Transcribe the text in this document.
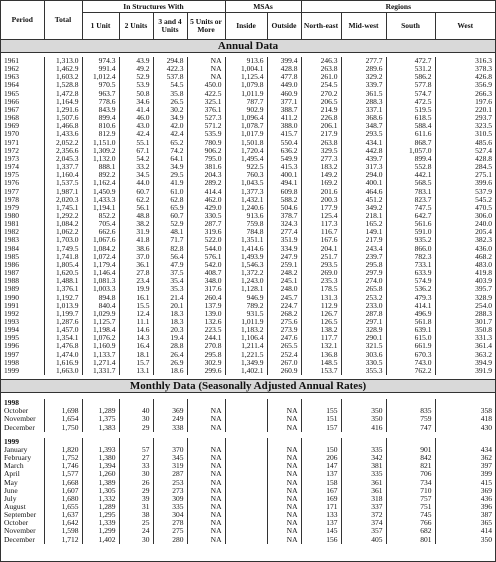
Period	Total	In Structures With				MSAs		Regions			
		1 Unit	2 Units	3 and 4 Units	5 Units or More	Inside	Outside	North-east	Mid-west	South	West
Annual Data											

1961	1,313.0	974.3	43.9	294.8	NA	913.6	399.4	246.3	277.7	472.7	316.3
1962	1,462.9	991.4	49.2	422.3	NA	1,004.1	428.8	263.8	289.6	531.2	378.3
1963	1,603.2	1,012.4	52.9	537.8	NA	1,125.4	477.8	261.0	329.2	586.2	426.8
1964	1,528.8	970.5	53.9	54.5	450.0	1,079.8	449.0	254.5	339.7	577.8	356.9
1965	1,472.8	963.7	50.8	35.8	422.5	1,011.9	460.9	270.2	361.5	574.7	266.3
1966	1,164.9	778.6	34.6	26.5	325.1	787.7	377.1	206.5	288.3	472.5	197.6
1967	1,291.6	843.9	41.4	30.2	376.1	902.9	388.7	214.9	337.1	519.5	220.1
1968	1,507.6	899.4	46.0	34.9	527.3	1,096.4	411.2	226.8	368.6	618.5	293.7
1969	1,466.8	810.6	43.0	42.0	571.2	1,078.7	388.0	206.1	348.7	588.4	323.5
1970	1,433.6	812.9	42.4	42.4	535.9	1,017.9	415.7	217.9	293.5	611.6	310.5
1971	2,052.2	1,151.0	55.1	65.2	780.9	1,501.8	550.4	263.8	434.1	868.7	485.6
1972	2,356.6	1,309.2	67.1	74.2	906.2	1,720.4	636.2	329.5	442.8	1,057.0	527.4
1973	2,045.3	1,132.0	54.2	64.1	795.0	1,495.4	549.9	277.3	439.7	899.4	428.8
1974	1,337.7	888.1	33.2	34.9	381.6	922.5	415.3	183.2	317.3	552.8	284.5
1975	1,160.4	892.2	34.5	29.5	204.3	760.3	400.1	149.2	294.0	442.1	275.1
1976	1,537.5	1,162.4	44.0	41.9	289.2	1,043.5	494.1	169.2	400.1	568.5	399.6
1977	1,987.1	1,450.9	60.7	61.0	414.4	1,377.3	609.8	201.6	464.6	783.1	537.9
1978	2,020.3	1,433.3	62.2	62.8	462.0	1,432.1	588.2	200.3	451.2	823.7	545.2
1979	1,745.1	1,194.1	56.1	65.9	429.0	1,240.6	504.6	177.9	349.2	747.5	470.5
1980	1,292.2	852.2	48.8	60.7	330.5	913.6	378.7	125.4	218.1	642.7	306.0
1981	1,084.2	705.4	38.2	52.9	287.7	759.8	324.3	117.3	165.2	561.6	240.0
1982	1,062.2	662.6	31.9	48.1	319.6	784.8	277.4	116.7	149.1	591.0	205.4
1983	1,703.0	1,067.6	41.8	71.7	522.0	1,351.1	351.9	167.6	217.9	935.2	382.3
1984	1,749.5	1,084.2	38.6	82.8	544.0	1,414.6	334.9	204.1	243.4	866.0	436.0
1985	1,741.8	1,072.4	37.0	56.4	576.1	1,493.9	247.9	251.7	239.7	782.3	468.2
1986	1,805.4	1,179.4	36.1	47.9	542.0	1,546.3	259.1	293.5	295.8	733.1	483.0
1987	1,620.5	1,146.4	27.8	37.5	408.7	1,372.2	248.2	269.0	297.9	633.9	419.8
1988	1,488.1	1,081.3	23.4	35.4	348.0	1,243.0	245.1	235.3	274.0	574.9	403.9
1989	1,376.1	1,003.3	19.9	35.3	317.6	1,128.1	248.0	178.5	265.8	536.2	395.7
1990	1,192.7	894.8	16.1	21.4	260.4	946.9	245.7	131.3	253.2	479.3	328.9
1991	1,013.9	840.4	15.5	20.1	137.9	789.2	224.7	112.9	233.0	414.1	254.0
1992	1,199.7	1,029.9	12.4	18.3	139.0	931.5	268.2	126.7	287.8	496.9	288.3
1993	1,287.6	1,125.7	11.1	18.3	132.6	1,011.9	275.6	126.5	297.1	561.8	301.7
1994	1,457.0	1,198.4	14.6	20.3	223.5	1,183.2	273.9	138.2	328.9	639.1	350.8
1995	1,354.1	1,076.2	14.3	19.4	244.1	1,106.4	247.6	117.7	290.1	615.0	331.3
1996	1,476.8	1,160.9	16.4	28.8	270.8	1,211.4	265.5	132.1	321.5	661.9	361.4
1997	1,474.0	1,133.7	18.1	26.4	295.8	1,221.5	252.4	136.8	303.6	670.3	363.2
1998	1,616.9	1,271.4	15.7	26.9	302.9	1,349.9	267.0	148.5	330.5	743.0	394.9
1999	1,663.0	1,331.7	13.1	18.6	299.6	1,402.1	260.9	153.7	355.3	762.2	391.9

Monthly Data (Seasonally Adjusted Annual Rates)											

1998											
October	1,698	1,289	40	369	NA		NA	155	350	835	358
November	1,654	1,375	30	249	NA		NA	151	350	759	418
December	1,750	1,383	29	338	NA		NA	157	416	747	430

1999											
January	1,820	1,393	57	370	NA		NA	150	335	901	434
February	1,752	1,380	27	345	NA		NA	206	342	842	362
March	1,746	1,394	33	319	NA		NA	147	381	821	397
April	1,577	1,260	30	287	NA		NA	137	335	706	399
May	1,668	1,389	26	253	NA		NA	158	361	734	415
June	1,607	1,305	29	273	NA		NA	167	361	710	369
July	1,680	1,332	39	309	NA		NA	169	318	757	436
August	1,655	1,289	31	335	NA		NA	171	337	751	396
September	1,637	1,295	38	304	NA		NA	133	372	745	387
October	1,642	1,339	25	278	NA		NA	137	374	766	365
November	1,598	1,299	24	275	NA		NA	145	357	682	414
December	1,712	1,402	30	280	NA		NA	156	405	801	350
